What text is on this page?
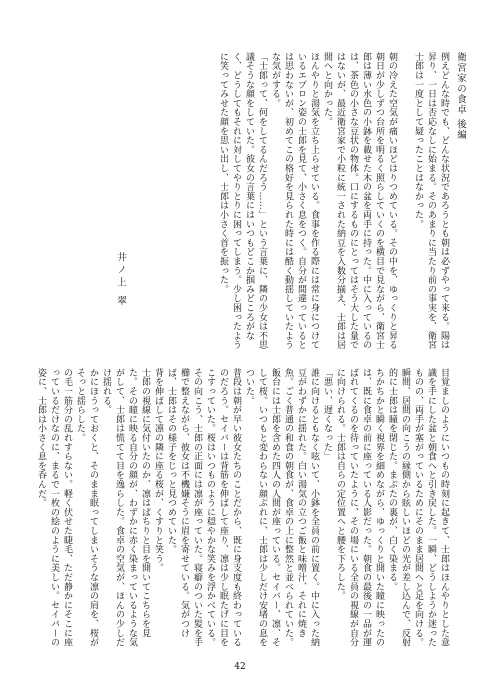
衛宮家の食卓 後編

例えどんな時でも、どんな状況であろうとも朝は必ずやって来る。陽は昇り、一日は否応なしに始まる。そのあまりに当たり前の事実を、衛宮士郎は一度として疑ったことはなかった。

朝の冷えた空気が痛いほどはりつめている。その中を、ゆっくりと昇る朝日が少しずつ台所を明るく照らしていくのを横目で見ながら、衛宮士郎は薄い水色の小鉢を載せた木の盆を両手に持った。中に入っているのは、茶色の小さな豆状の物体。口にするものにとってはそう大した量ではないが、最近衛宮家で小粒に統一された納豆を入数分揃え、士郎は居間へと向かった。

ほんやりと湯気を立ち上らせている。食事を作る際には常に身につけているエプロン姿の士郎を見て、小さく息をつく。自分が間違っているとは思わないが、初めてこの格好を見られた時には酷く動揺していたような気がする。

「士郎って、何をしてるんだろう……」という言葉に、隣の少女は不思議そうな顔をしていた。彼女の言葉にはいつもどこか掴みどころがなく、どうしてもそれに対してやりとりに困ってしまう。少し困ったように笑ってみせた顔を思い出し、士郎は小さく首を振った。

井ノ上 翠

目覚ましのようにいつもの時刻に起きて、士郎はほんやりとした意識を手にした盆と朝食へと引き戻した。一瞬、どうしようか迷ったものの、両手が塞がっているためにそのまま居間へと足を向ける。

瞬間、居間の向こうの縁側から眩しいほどの光が差し込んで、反射的に士郎は瞳を閉じた。まぶたの裏が、白く染まる。

ちかちかと瞬く視界を細めながら、ゆっくりと開いた瞳に映ったのは、既に食卓の前に座っている人影だった。朝食の最後の一品が運ばれてくるのを待っていたように、その場にいる全員の視線が自分に向けられる。士郎は自らの定位置へと腰を下ろした。

「悪い、遅くなった」

誰に向けるともなく呟いて、小鉢を全員の前に置く。中に入った納豆がわずかに揺れた。白い湯気の立つご飯と味噌汁、それに焼き魚。ごく普通の和食の朝食が、食卓の上に整然と並べられていた。

飯台には士郎を含めた四人の人間が座っている。セイバー、凛、そして桜。いつもと変わらない顔ぶれに、士郎は少しだけ安堵の息をついた。

普段は朝が早い彼女たちのことだから、既に身支度も終わっているのだろう。セイバーは背筋を伸ばして座り、凛は少し眠たげに目をこすっていた。桜はいつものように穏やかな笑みを浮かべている。

その向こう、士郎の正面には凛が座っていた。寝癖のついた髪を手櫛で整えながら、彼女は不機嫌そうに眉を寄せている。気がつけば、士郎はその様子をじっと見つめていた。

背を伸ばして凛の隣に座る桜が、くすりと笑う。

士郎の視線に気付いたのか、凛はぱちりと目を開いてこちらを見た。その瞳に映る自分の顔が、わずかに赤く染まっているような気がして、士郎は慌てて目を逸らした。食卓の空気が、ほんの少しだけ揺れる。

かにほうっておくと、そのまま眠ってしまいそうな凛の肩を、桜がそっと揺らした。

の毛一筋分の乱れすらない。軽く伏せた睫毛、ただ静かにそこに座っているだけなのに、まるで一枚の絵のように美しい。セイバーの姿に、士郎は小さく息を呑んだ。

42
